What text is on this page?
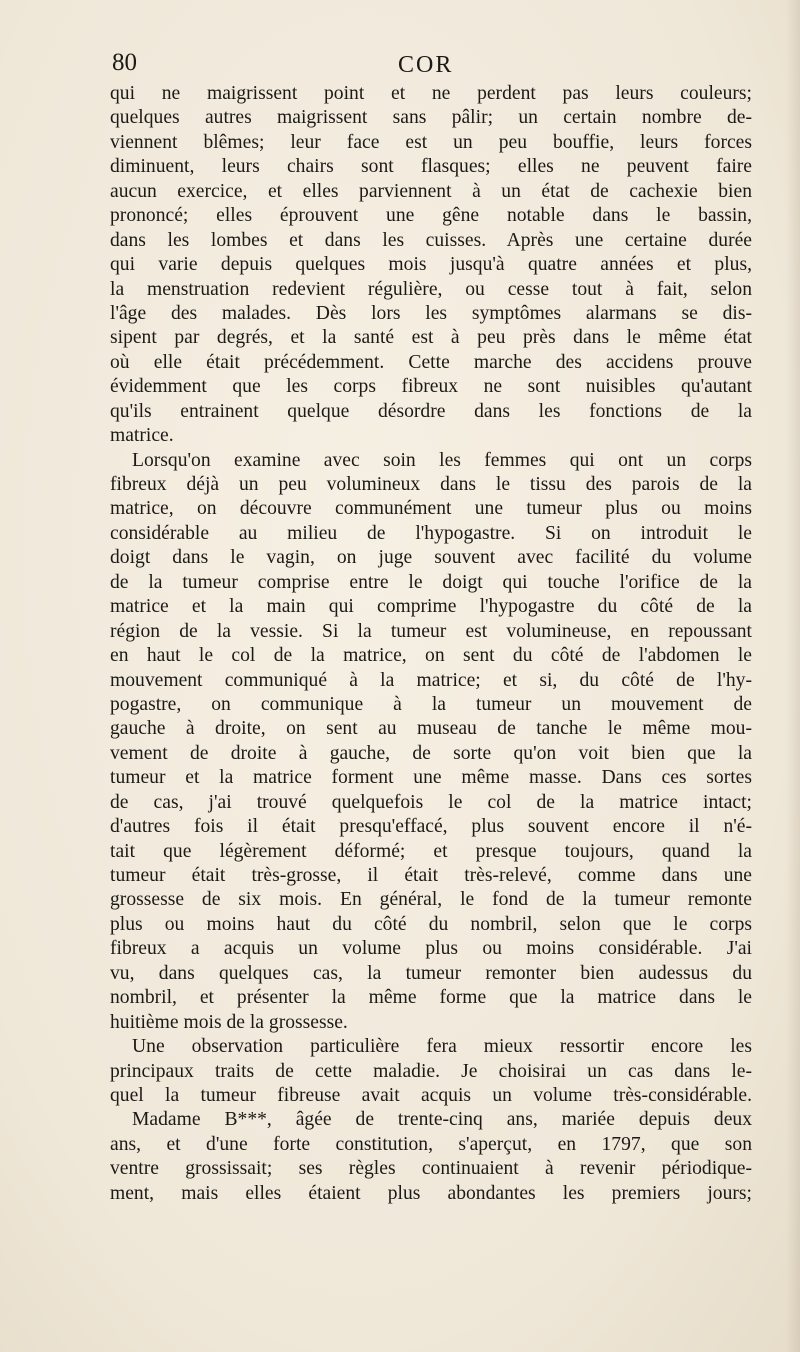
80	COR
qui ne maigrissent point et ne perdent pas leurs couleurs;
quelques autres maigrissent sans pâlir; un certain nombre de-
viennent blêmes; leur face est un peu bouffie, leurs forces
diminuent, leurs chairs sont flasques; elles ne peuvent faire
aucun exercice, et elles parviennent à un état de cachexie bien
prononcé; elles éprouvent une gêne notable dans le bassin,
dans les lombes et dans les cuisses. Après une certaine durée
qui varie depuis quelques mois jusqu'à quatre années et plus,
la menstruation redevient régulière, ou cesse tout à fait, selon
l'âge des malades. Dès lors les symptômes alarmans se dis-
sipent par degrés, et la santé est à peu près dans le même état
où elle était précédemment. Cette marche des accidens prouve
évidemment que les corps fibreux ne sont nuisibles qu'autant
qu'ils entrainent quelque désordre dans les fonctions de la
matrice.
Lorsqu'on examine avec soin les femmes qui ont un corps
fibreux déjà un peu volumineux dans le tissu des parois de la
matrice, on découvre communément une tumeur plus ou moins
considérable au milieu de l'hypogastre. Si on introduit le
doigt dans le vagin, on juge souvent avec facilité du volume
de la tumeur comprise entre le doigt qui touche l'orifice de la
matrice et la main qui comprime l'hypogastre du côté de la
région de la vessie. Si la tumeur est volumineuse, en repoussant
en haut le col de la matrice, on sent du côté de l'abdomen le
mouvement communiqué à la matrice; et si, du côté de l'hy-
pogastre, on communique à la tumeur un mouvement de
gauche à droite, on sent au museau de tanche le même mou-
vement de droite à gauche, de sorte qu'on voit bien que la
tumeur et la matrice forment une même masse. Dans ces sortes
de cas, j'ai trouvé quelquefois le col de la matrice intact;
d'autres fois il était presqu'effacé, plus souvent encore il n'é-
tait que légèrement déformé; et presque toujours, quand la
tumeur était très-grosse, il était très-relevé, comme dans une
grossesse de six mois. En général, le fond de la tumeur remonte
plus ou moins haut du côté du nombril, selon que le corps
fibreux a acquis un volume plus ou moins considérable. J'ai
vu, dans quelques cas, la tumeur remonter bien audessus du
nombril, et présenter la même forme que la matrice dans le
huitième mois de la grossesse.
Une observation particulière fera mieux ressortir encore les
principaux traits de cette maladie. Je choisirai un cas dans le-
quel la tumeur fibreuse avait acquis un volume très-considérable.
Madame B***, âgée de trente-cinq ans, mariée depuis deux
ans, et d'une forte constitution, s'aperçut, en 1797, que son
ventre grossissait; ses règles continuaient à revenir périodique-
ment, mais elles étaient plus abondantes les premiers jours;
